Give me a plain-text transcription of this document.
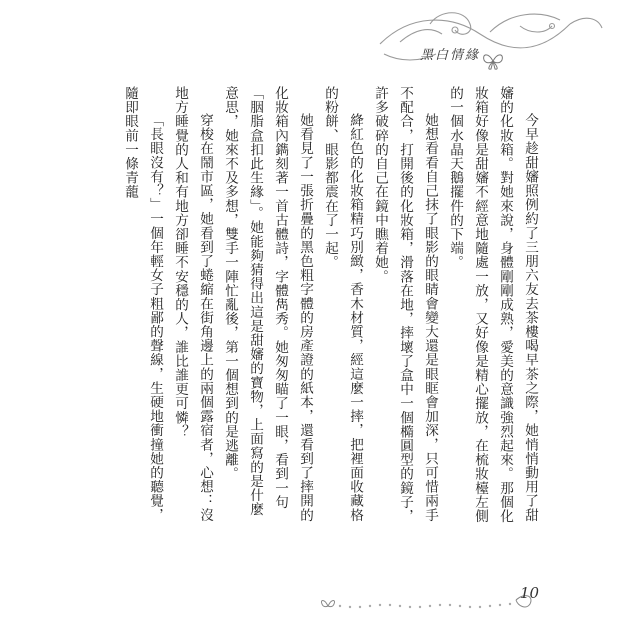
黑白情緣

今早趁甜嬸照例約了三朋六友去茶樓喝早茶之際，她悄悄動用了甜嬸的化妝箱。對她來說，身體剛剛成熟，愛美的意識強烈起來。那個化妝箱好像是甜嬸不經意地隨處一放，又好像是精心擺放，在梳妝檯左側的一個水晶天鵝擺件的下端。

她想看看自己抹了眼影的眼睛會變大還是眼眶會加深，只可惜兩手不配合，打開後的化妝箱，滑落在地，摔壞了盒中一個橢圓型的鏡子，許多破碎的自己在鏡中瞧着她。

絳紅色的化妝箱精巧別緻，香木材質，經這麼一摔，把裡面收藏格的粉餅、眼影都震在了一起。

她看見了一張折疊的黑色粗字體的房產證的紙本，還看到了摔開的化妝箱內鐫刻著一首古體詩，字體雋秀。她匆匆瞄了一眼，看到一句「胭脂盒扣此生緣」。她能夠猜得出這是甜嬸的寶物，上面寫的是什麼意思，她來不及多想，雙手一陣忙亂後，第一個想到的是逃離。

穿梭在鬧市區，她看到了蜷縮在街角邊上的兩個露宿者，心想：沒地方睡覺的人和有地方卻睡不安穩的人，誰比誰更可憐？

「長眼沒有？」一個年輕女子粗鄙的聲線，生硬地衝撞她的聽覺，隨即眼前一條青蘢

10
